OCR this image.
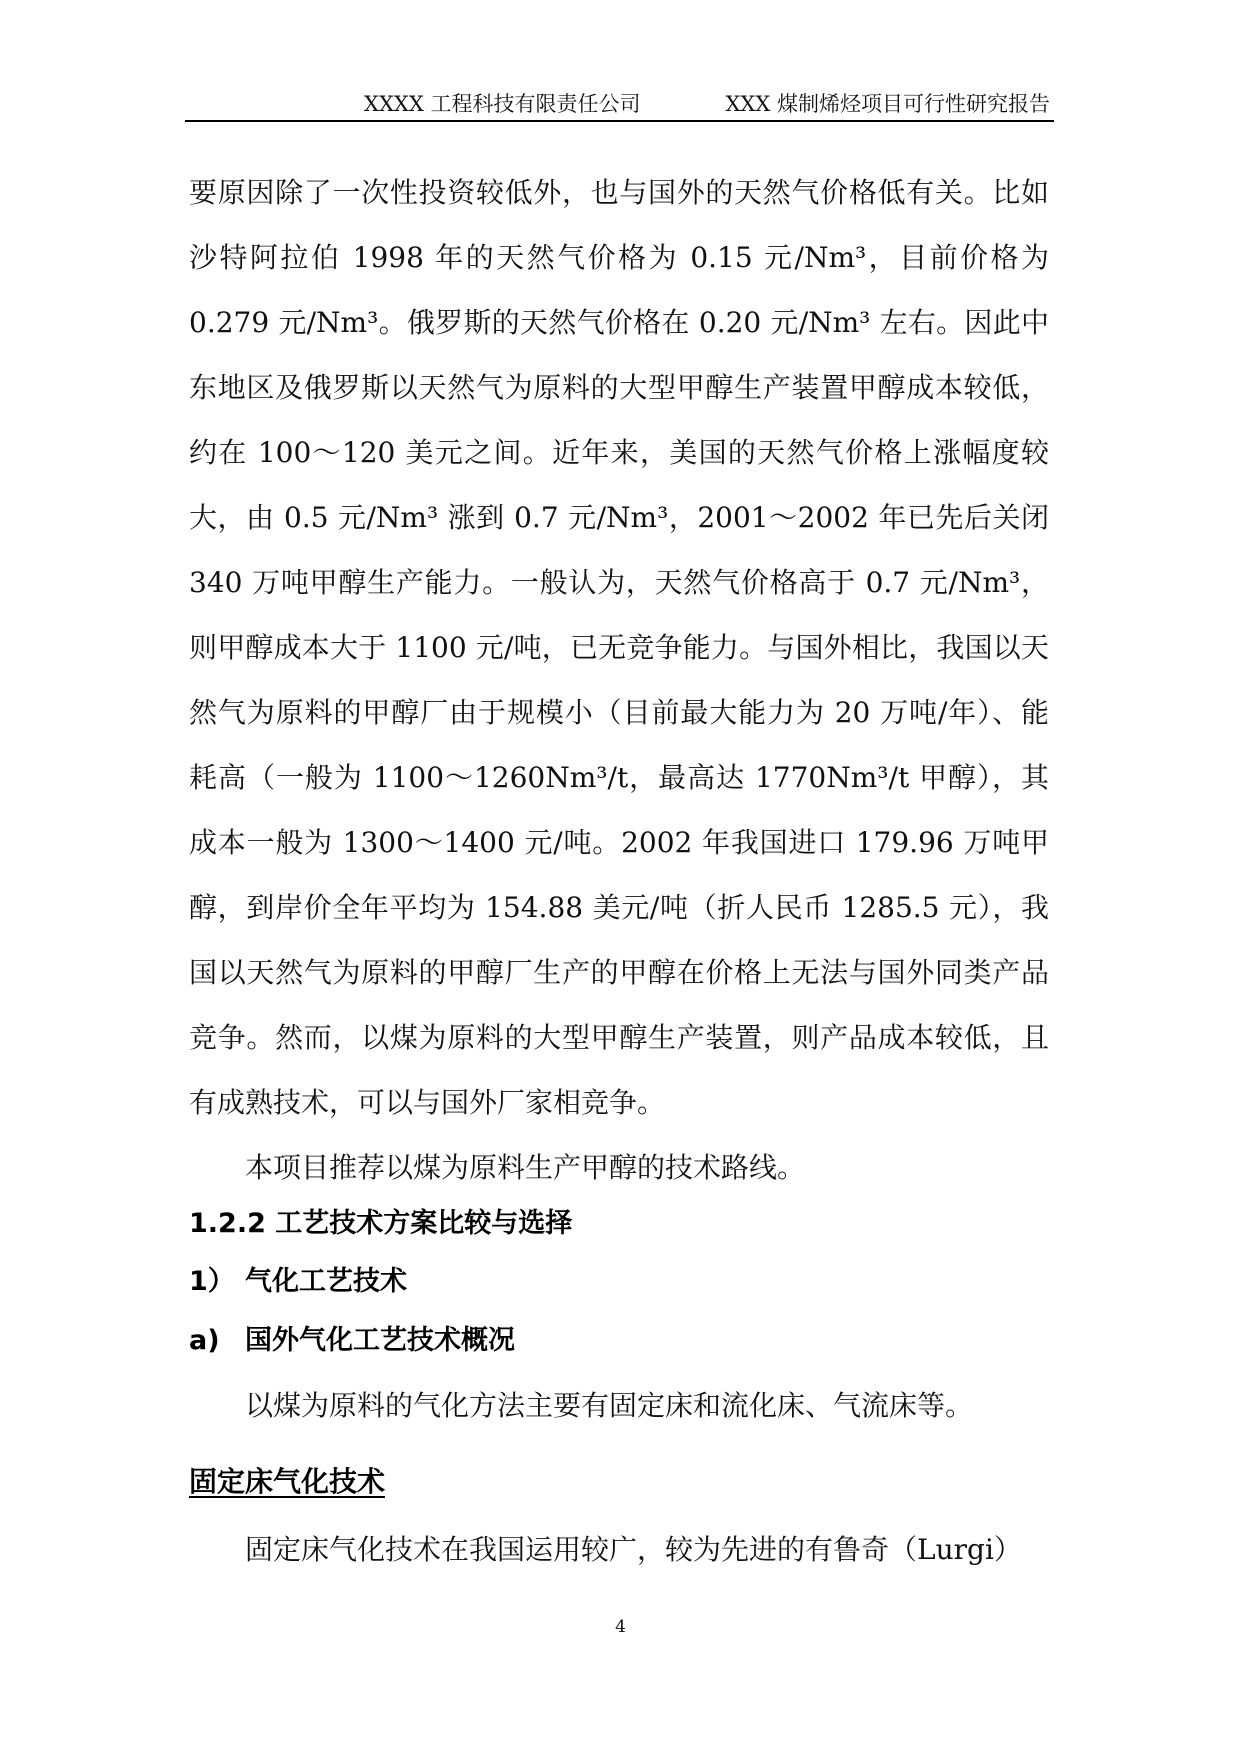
XXXX 工程科技有限责任公司	XXX 煤制烯烃项目可行性研究报告

要原因除了一次性投资较低外，也与国外的天然气价格低有关。比如沙特阿拉伯 1998 年的天然气价格为 0.15 元/Nm³，目前价格为 0.279 元/Nm³。俄罗斯的天然气价格在 0.20 元/Nm³ 左右。因此中东地区及俄罗斯以天然气为原料的大型甲醇生产装置甲醇成本较低，约在 100～120 美元之间。近年来，美国的天然气价格上涨幅度较大，由 0.5 元/Nm³ 涨到 0.7 元/Nm³，2001～2002 年已先后关闭 340 万吨甲醇生产能力。一般认为，天然气价格高于 0.7 元/Nm³，则甲醇成本大于 1100 元/吨，已无竞争能力。与国外相比，我国以天然气为原料的甲醇厂由于规模小（目前最大能力为 20 万吨/年）、能耗高（一般为 1100～1260Nm³/t，最高达 1770Nm³/t 甲醇），其成本一般为 1300～1400 元/吨。2002 年我国进口 179.96 万吨甲醇，到岸价全年平均为 154.88 美元/吨（折人民币 1285.5 元），我国以天然气为原料的甲醇厂生产的甲醇在价格上无法与国外同类产品竞争。然而，以煤为原料的大型甲醇生产装置，则产品成本较低，且有成熟技术，可以与国外厂家相竞争。

本项目推荐以煤为原料生产甲醇的技术路线。

1.2.2 工艺技术方案比较与选择
1） 气化工艺技术
a) 国外气化工艺技术概况
以煤为原料的气化方法主要有固定床和流化床、气流床等。
固定床气化技术
固定床气化技术在我国运用较广，较为先进的有鲁奇（Lurgi）
4
